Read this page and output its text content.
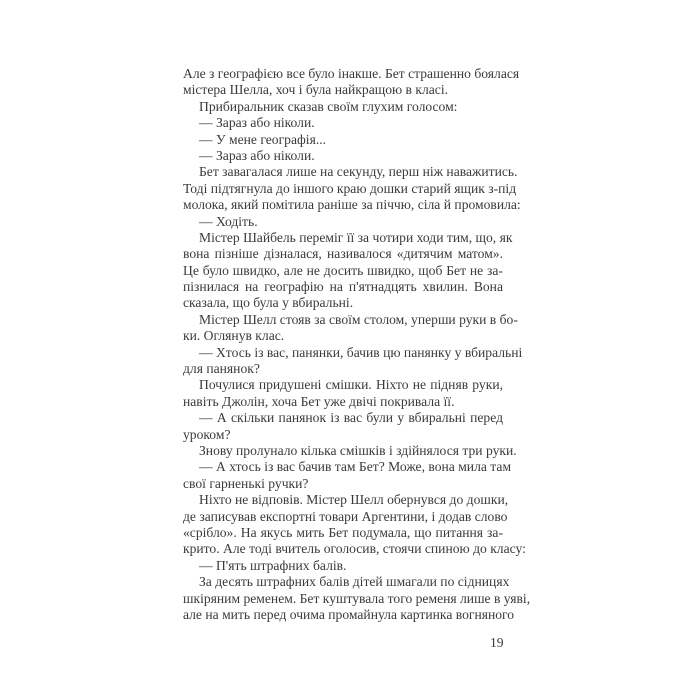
Але з географією все було інакше. Бет страшенно боялася
містера Шелла, хоч і була найкращою в класі.
Прибиральник сказав своїм глухим голосом:
— Зараз або ніколи.
— У мене географія...
— Зараз або ніколи.
Бет завагалася лише на секунду, перш ніж наважитись.
Тоді підтягнула до іншого краю дошки старий ящик з-під
молока, який помітила раніше за піччю, сіла й промовила:
— Ходіть.
Містер Шайбель переміг її за чотири ходи тим, що, як
вона пізніше дізналася, називалося «дитячим матом».
Це було швидко, але не досить швидко, щоб Бет не за-
пізнилася на географію на п'ятнадцять хвилин. Вона
сказала, що була у вбиральні.
Містер Шелл стояв за своїм столом, уперши руки в бо-
ки. Оглянув клас.
— Хтось із вас, панянки, бачив цю панянку у вбиральні
для панянок?
Почулися придушені смішки. Ніхто не підняв руки,
навіть Джолін, хоча Бет уже двічі покривала її.
— А скільки панянок із вас були у вбиральні перед
уроком?
Знову пролунало кілька смішків і здійнялося три руки.
— А хтось із вас бачив там Бет? Може, вона мила там
свої гарненькі ручки?
Ніхто не відповів. Містер Шелл обернувся до дошки,
де записував експортні товари Аргентини, і додав слово
«срібло». На якусь мить Бет подумала, що питання за-
крито. Але тоді вчитель оголосив, стоячи спиною до класу:
— П'ять штрафних балів.
За десять штрафних балів дітей шмагали по сідницях
шкіряним ременем. Бет куштувала того ременя лише в уяві,
але на мить перед очима промайнула картинка вогняного
19
